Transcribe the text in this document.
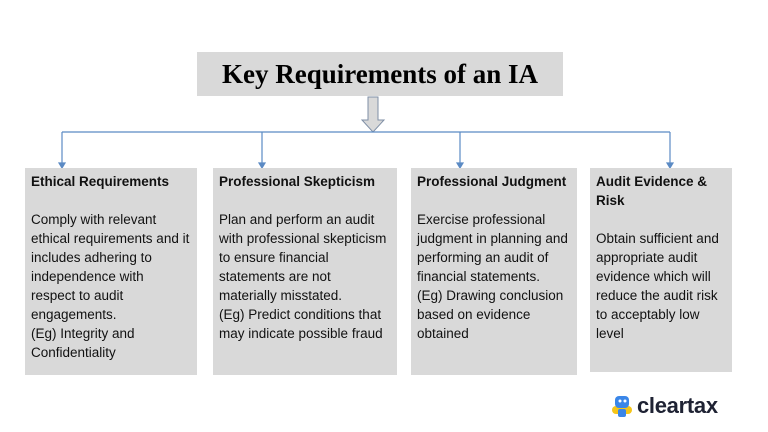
Key Requirements of an IA
Ethical Requirements

Comply with relevant ethical requirements and it includes adhering to independence with respect to audit engagements.

(Eg) Integrity and Confidentiality

Professional Skepticism

Plan and perform an audit with professional skepticism to ensure financial statements are not materially misstated.

(Eg) Predict conditions that may indicate possible fraud

Professional Judgment

Exercise professional judgment in planning and performing an audit of financial statements.

(Eg) Drawing conclusion based on evidence obtained

Audit Evidence & Risk

Obtain sufficient and appropriate audit evidence which will reduce the audit risk to acceptably low level

cleartax
